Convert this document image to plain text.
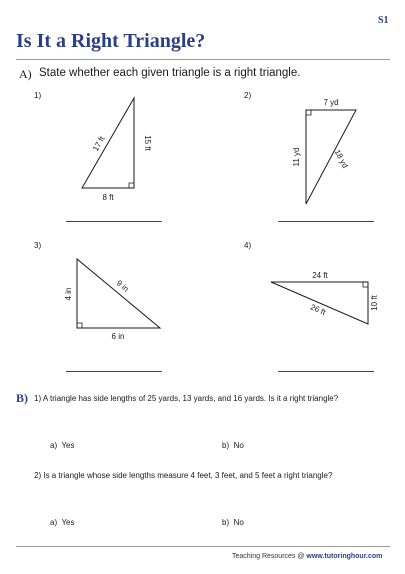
S1
Is It a Right Triangle?
A) State whether each given triangle is a right triangle.
1)
17 ft	15 ft
8 ft
7 yd
11 yd	18 yd
9 in
4 in
6 in
24 ft
26 ft	10 ft
2)
3)	4)
B) 1) A triangle has side lengths of 25 yards, 13 yards, and 16 yards. Is it a right triangle?
a) Yes	b) No
2) Is a triangle whose side lengths measure 4 feet, 3 feet, and 5 feet a right triangle?
a) Yes	b) No
Teaching Resources @ www.tutoringhour.com
